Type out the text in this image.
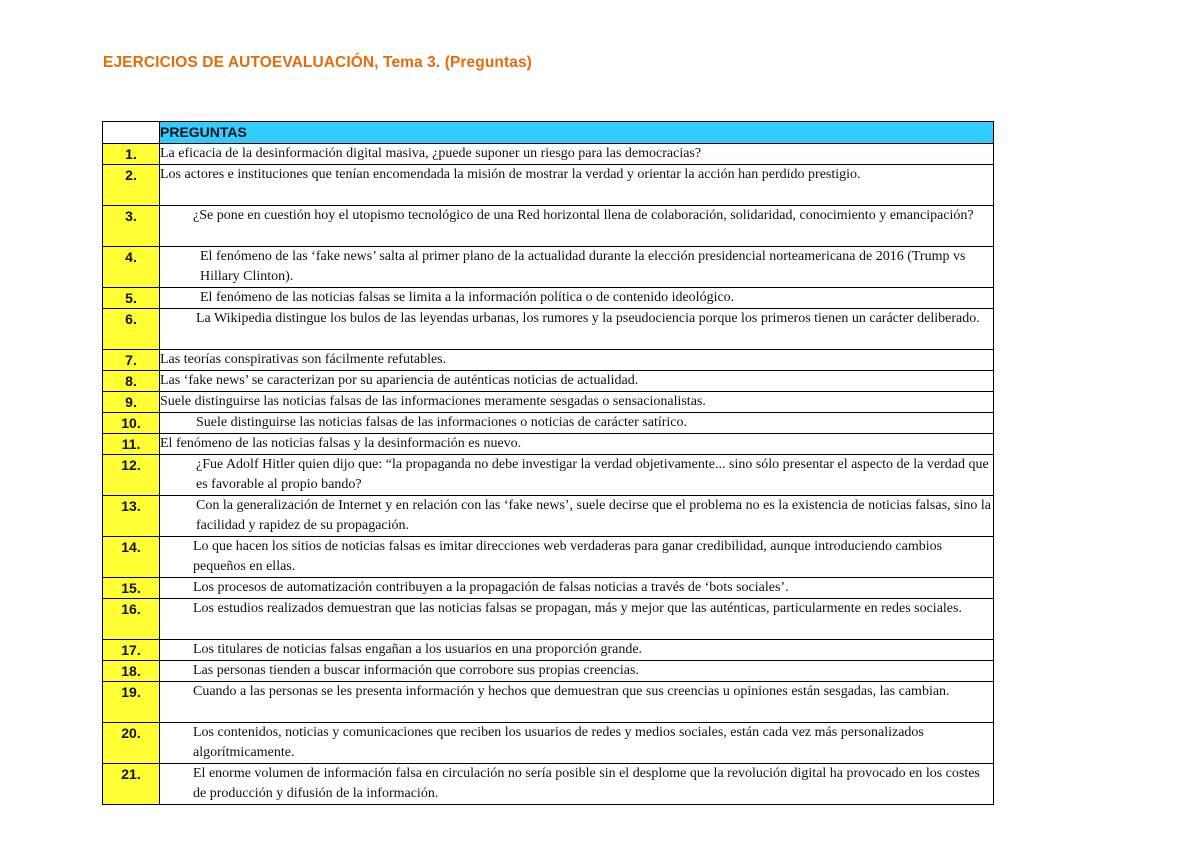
EJERCICIOS DE AUTOEVALUACIÓN, Tema 3. (Preguntas)
	PREGUNTAS
1.	La eficacia de la desinformación digital masiva, ¿puede suponer un riesgo para las democracias?
2.	Los actores e instituciones que tenían encomendada la misión de mostrar la verdad y orientar la acción han perdido prestigio.
3.	¿Se pone en cuestión hoy el utopismo tecnológico de una Red horizontal llena de colaboración, solidaridad, conocimiento y emancipación?
4.	El fenómeno de las ‘fake news’ salta al primer plano de la actualidad durante la elección presidencial norteamericana de 2016 (Trump vs Hillary Clinton).
5.	El fenómeno de las noticias falsas se limita a la información política o de contenido ideológico.
6.	La Wikipedia distingue los bulos de las leyendas urbanas, los rumores y la pseudociencia porque los primeros tienen un carácter deliberado.
7.	Las teorías conspirativas son fácilmente refutables.
8.	Las ‘fake news’ se caracterizan por su apariencia de auténticas noticias de actualidad.
9.	Suele distinguirse las noticias falsas de las informaciones meramente sesgadas o sensacionalistas.
10.	Suele distinguirse las noticias falsas de las informaciones o noticias de carácter satírico.
11.	El fenómeno de las noticias falsas y la desinformación es nuevo.
12.	¿Fue Adolf Hitler quien dijo que: “la propaganda no debe investigar la verdad objetivamente... sino sólo presentar el aspecto de la verdad que es favorable al propio bando?
13.	Con la generalización de Internet y en relación con las ‘fake news’, suele decirse que el problema no es la existencia de noticias falsas, sino la facilidad y rapidez de su propagación.
14.	Lo que hacen los sitios de noticias falsas es imitar direcciones web verdaderas para ganar credibilidad, aunque introduciendo cambios pequeños en ellas.
15.	Los procesos de automatización contribuyen a la propagación de falsas noticias a través de ‘bots sociales’.
16.	Los estudios realizados demuestran que las noticias falsas se propagan, más y mejor que las auténticas, particularmente en redes sociales.
17.	Los titulares de noticias falsas engañan a los usuarios en una proporción grande.
18.	Las personas tienden a buscar información que corrobore sus propias creencias.
19.	Cuando a las personas se les presenta información y hechos que demuestran que sus creencias u opiniones están sesgadas, las cambian.
20.	Los contenidos, noticias y comunicaciones que reciben los usuarios de redes y medios sociales, están cada vez más personalizados algorítmicamente.
21.	El enorme volumen de información falsa en circulación no sería posible sin el desplome que la revolución digital ha provocado en los costes de producción y difusión de la información.
